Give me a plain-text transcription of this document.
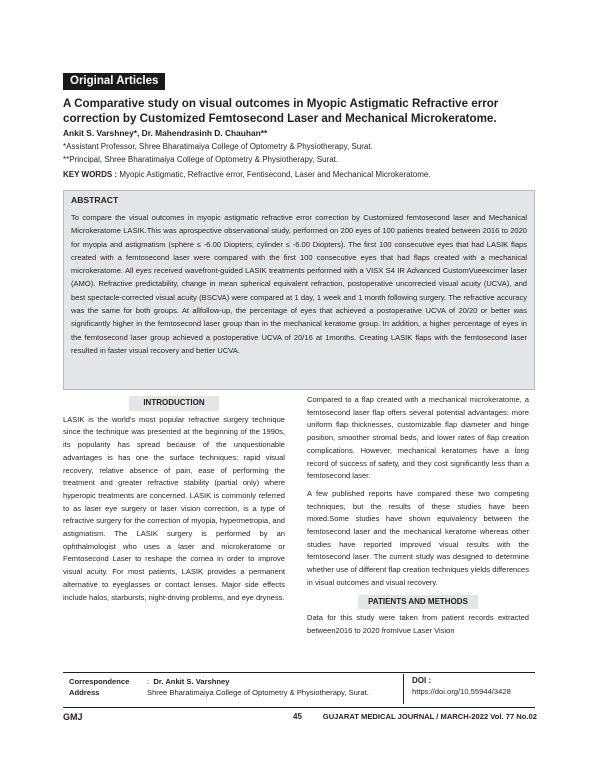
Original Articles
A Comparative study on visual outcomes in Myopic Astigmatic Refractive error correction by Customized Femtosecond Laser and Mechanical Microkeratome.
Ankit S. Varshney*, Dr. Mahendrasinh D. Chauhan**
*Assistant Professor, Shree Bharatimaiya College of Optometry & Physiotherapy, Surat.
**Principal, Shree Bharatimaiya College of Optometry & Physiotherapy, Surat.
KEY WORDS : Myopic Astigmatic, Refractive error, Fentisecond, Laser and Mechanical Microkeratome.
ABSTRACT
To compare the visual outcomes in myopic astigmatic refractive error correction by Customized femtosecond laser and Mechanical Microkeratome LASIK.This was aprospective observational study, performed on 200 eyes of 100 patients treated between 2016 to 2020 for myopia and astigmatism (sphere ≤ -6.00 Diopters; cylinder ≤ -6.00 Diopters). The first 100 consecutive eyes that had LASIK flaps created with a femtosecond laser were compared with the first 100 consecutive eyes that had flaps created with a mechanical microkeratome. All eyes received wavefront-guided LASIK treatments performed with a VISX S4 IR Advanced CustomVueexcimer laser (AMO). Refractive predictability, change in mean spherical equivalent refraction, postoperative uncorrected visual acuity (UCVA), and best spectacle-corrected visual acuity (BSCVA) were compared at 1 day, 1 week and 1 month following surgery. The refractive accuracy was the same for both groups. At allfollow-up, the percentage of eyes that achieved a postoperative UCVA of 20/20 or better was significantly higher in the femtosecond laser group than in the mechanical keratome group. In addition, a higher percentage of eyes in the femtosecond laser group achieved a postoperative UCVA of 20/16 at 1months. Creating LASIK flaps with the femtosecond laser resulted in faster visual recovery and better UCVA.
INTRODUCTION

LASIK is the world's most popular refractive surgery technique since the technique was presented at the beginning of the 1990s, its popularity has spread because of the unquestionable advantages is has one the surface techniques: rapid visual recovery, relative absence of pain, ease of performing the treatment and greater refractive stability (partial only) where hyperopic treatments are concerned. LASIK is commonly referred to as laser eye surgery or laser vision correction, is a type of refractive surgery for the correction of myopia, hypermetropia, and astigmatism. The LASIK surgery is performed by an ophthalmologist who uses a laser and microkeratome or Femtosecond Laser to reshape the cornea in order to improve visual acuity. For most patients, LASIK provides a permanent alternative to eyeglasses or contact lenses. Major side effects include halos, starbursts, night-driving problems, and eye dryness.

Compared to a flap created with a mechanical microkeratome, a femtosecond laser flap offers several potential advantages: more uniform flap thicknesses, customizable flap diameter and hinge position, smoother stromal beds, and lower rates of flap creation complications. However, mechanical keratomes have a long record of success of safety, and they cost significantly less than a femtosecond laser.

A few published reports have compared these two competing techniques, but the results of these studies have been mixed.Some studies have shown equivalency between the femtosecond laser and the mechanical keratome whereas other studies have reported improved visual results with the femtosecond laser. The current study was designed to determine whether use of different flap creation techniques yields differences in visual outcomes and visual recovery.

PATIENTS AND METHODS

Data for this study were taken from patient records extracted between2016 to 2020 fromIvue Laser Vision

Correspondence
Address
: Dr. Ankit S. Varshney
Shree Bharatimaiya College of Optometry & Physiotherapy, Surat.
DOI :
https://doi.org/10.55944/3428
GMJ	45	GUJARAT MEDICAL JOURNAL / MARCH-2022 Vol. 77 No.02
